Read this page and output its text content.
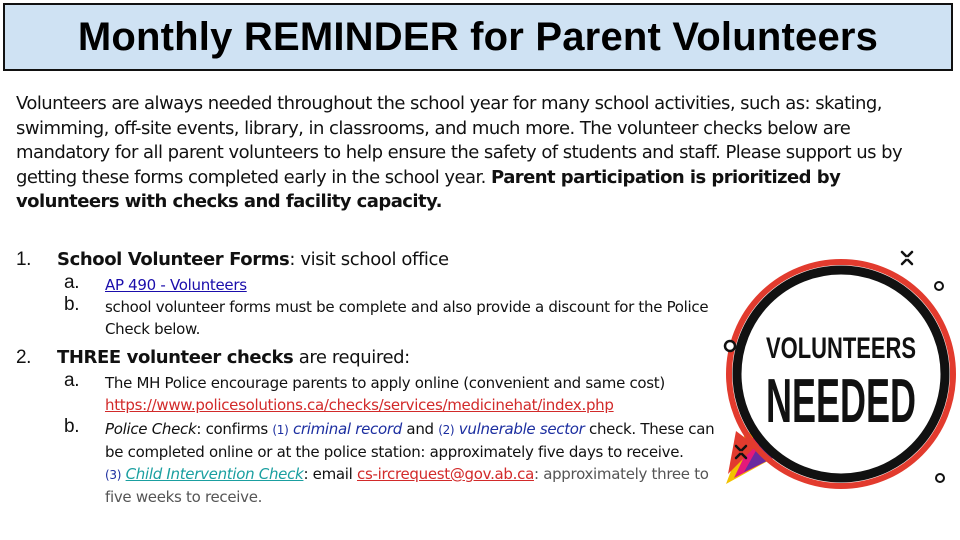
Monthly REMINDER for Parent Volunteers
Volunteers are always needed throughout the school year for many school activities, such as: skating, swimming, off-site events, library, in classrooms, and much more. The volunteer checks below are mandatory for all parent volunteers to help ensure the safety of students and staff. Please support us by getting these forms completed early in the school year. Parent participation is prioritized by volunteers with checks and facility capacity.
1. School Volunteer Forms: visit school office
a. AP 490 - Volunteers
b. school volunteer forms must be complete and also provide a discount for the Police Check below.
2. THREE volunteer checks are required:
a. The MH Police encourage parents to apply online (convenient and same cost)
https://www.policesolutions.ca/checks/services/medicinehat/index.php
b. Police Check: confirms (1) criminal record and (2) vulnerable sector check. These can be completed online or at the police station: approximately five days to receive.
(3) Child Intervention Check: email cs-ircrequest@gov.ab.ca: approximately three to five weeks to receive.
VOLUNTEERS
NEEDED
